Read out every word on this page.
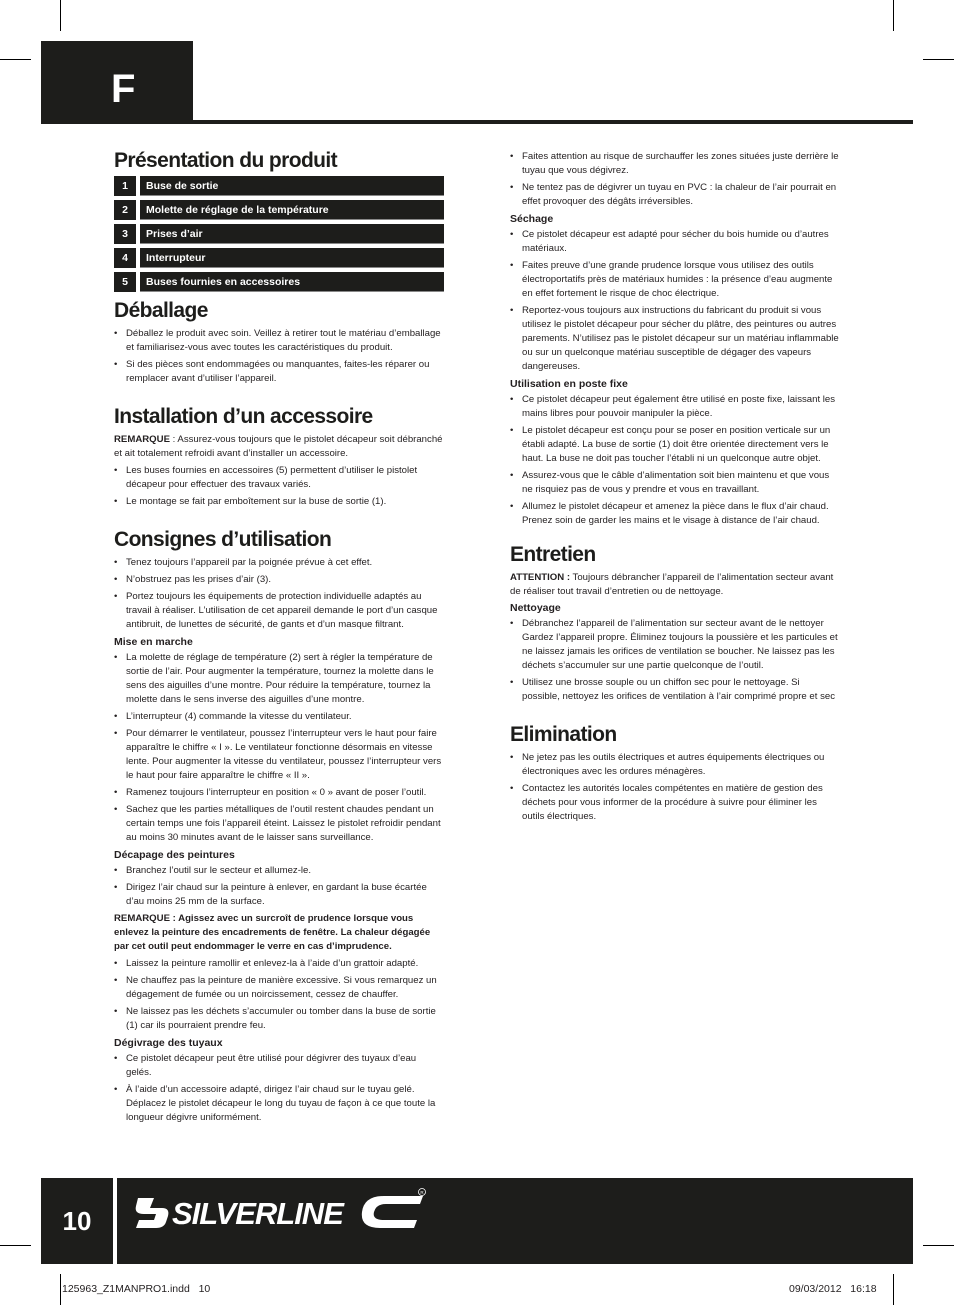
F
Présentation du produit
1	Buse de sortie
2	Molette de réglage de la température
3	Prises d’air
4	Interrupteur
5	Buses fournies en accessoires
Déballage
• Déballez le produit avec soin. Veillez à retirer tout le matériau d’emballage et familiarisez-vous avec toutes les caractéristiques du produit.
• Si des pièces sont endommagées ou manquantes, faites-les réparer ou remplacer avant d’utiliser l’appareil.
Installation d’un accessoire

REMARQUE : Assurez-vous toujours que le pistolet décapeur soit débranché et ait totalement refroidi avant d’installer un accessoire.

• Les buses fournies en accessoires (5) permettent d’utiliser le pistolet décapeur pour effectuer des travaux variés.
• Le montage se fait par emboîtement sur la buse de sortie (1).
Consignes d’utilisation
• Tenez toujours l’appareil par la poignée prévue à cet effet.
• N’obstruez pas les prises d’air (3).
• Portez toujours les équipements de protection individuelle adaptés au travail à réaliser. L’utilisation de cet appareil demande le port d’un casque antibruit, de lunettes de sécurité, de gants et d’un masque filtrant.
Mise en marche
• La molette de réglage de température (2) sert à régler la température de sortie de l’air. Pour augmenter la température, tournez la molette dans le sens des aiguilles d’une montre. Pour réduire la température, tournez la molette dans le sens inverse des aiguilles d’une montre.
• L’interrupteur (4) commande la vitesse du ventilateur.
• Pour démarrer le ventilateur, poussez l’interrupteur vers le haut pour faire apparaître le chiffre « I ». Le ventilateur fonctionne désormais en vitesse lente. Pour augmenter la vitesse du ventilateur, poussez l’interrupteur vers le haut pour faire apparaître le chiffre « II ».
• Ramenez toujours l’interrupteur en position « 0 » avant de poser l’outil.
• Sachez que les parties métalliques de l’outil restent chaudes pendant un certain temps une fois l’appareil éteint. Laissez le pistolet refroidir pendant au moins 30 minutes avant de le laisser sans surveillance.
Décapage des peintures
• Branchez l’outil sur le secteur et allumez-le.
• Dirigez l’air chaud sur la peinture à enlever, en gardant la buse écartée d’au moins 25 mm de la surface.

REMARQUE : Agissez avec un surcroît de prudence lorsque vous enlevez la peinture des encadrements de fenêtre. La chaleur dégagée par cet outil peut endommager le verre en cas d’imprudence.

• Laissez la peinture ramollir et enlevez-la à l’aide d’un grattoir adapté.
• Ne chauffez pas la peinture de manière excessive. Si vous remarquez un dégagement de fumée ou un noircissement, cessez de chauffer.
• Ne laissez pas les déchets s’accumuler ou tomber dans la buse de sortie (1) car ils pourraient prendre feu.
Dégivrage des tuyaux
• Ce pistolet décapeur peut être utilisé pour dégivrer des tuyaux d’eau gelés.
• À l’aide d’un accessoire adapté, dirigez l’air chaud sur le tuyau gelé. Déplacez le pistolet décapeur le long du tuyau de façon à ce que toute la longueur dégivre uniformément.
• Faites attention au risque de surchauffer les zones situées juste derrière le tuyau que vous dégivrez.
• Ne tentez pas de dégivrer un tuyau en PVC : la chaleur de l’air pourrait en effet provoquer des dégâts irréversibles.
Séchage
• Ce pistolet décapeur est adapté pour sécher du bois humide ou d’autres matériaux.
• Faites preuve d’une grande prudence lorsque vous utilisez des outils électroportatifs près de matériaux humides : la présence d’eau augmente en effet fortement le risque de choc électrique.
• Reportez-vous toujours aux instructions du fabricant du produit si vous utilisez le pistolet décapeur pour sécher du plâtre, des peintures ou autres parements. N’utilisez pas le pistolet décapeur sur un matériau inflammable ou sur un quelconque matériau susceptible de dégager des vapeurs dangereuses.
Utilisation en poste fixe
• Ce pistolet décapeur peut également être utilisé en poste fixe, laissant les mains libres pour pouvoir manipuler la pièce.
• Le pistolet décapeur est conçu pour se poser en position verticale sur un établi adapté. La buse de sortie (1) doit être orientée directement vers le haut. La buse ne doit pas toucher l’établi ni un quelconque autre objet.
• Assurez-vous que le câble d’alimentation soit bien maintenu et que vous ne risquiez pas de vous y prendre et vous en travaillant.
• Allumez le pistolet décapeur et amenez la pièce dans le flux d’air chaud. Prenez soin de garder les mains et le visage à distance de l’air chaud.
Entretien

ATTENTION : Toujours débrancher l’appareil de l’alimentation secteur avant de réaliser tout travail d’entretien ou de nettoyage.

Nettoyage
• Débranchez l’appareil de l’alimentation sur secteur avant de le nettoyer Gardez l’appareil propre. Éliminez toujours la poussière et les particules et ne laissez jamais les orifices de ventilation se boucher. Ne laissez pas les déchets s’accumuler sur une partie quelconque de l’outil.
• Utilisez une brosse souple ou un chiffon sec pour le nettoyage. Si possible, nettoyez les orifices de ventilation à l’air comprimé propre et sec
Elimination
• Ne jetez pas les outils électriques et autres équipements électriques ou électroniques avec les ordures ménagères.
• Contactez les autorités locales compétentes en matière de gestion des déchets pour vous informer de la procédure à suivre pour éliminer les outils électriques.
10	SILVERLINE
R
125963_Z1MANPRO1.indd   10	09/03/2012   16:18
